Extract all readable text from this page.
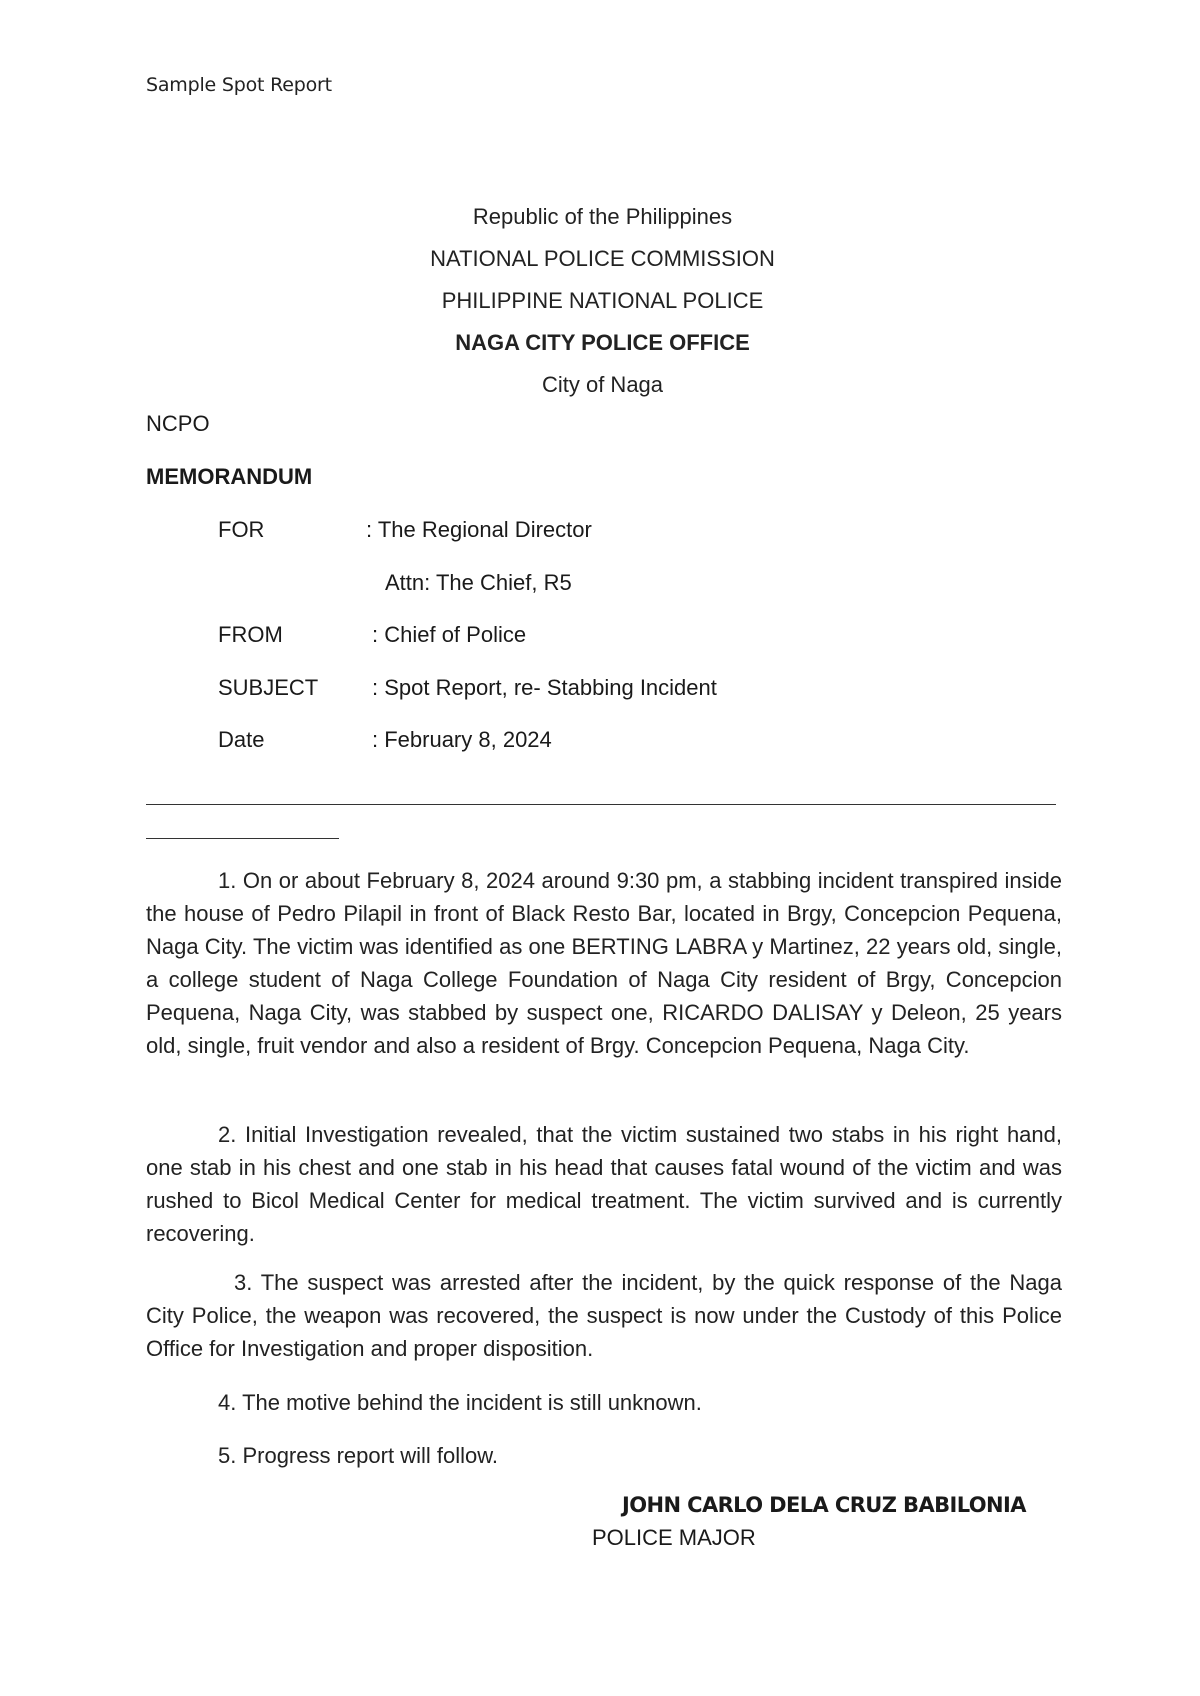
Sample Spot Report
Republic of the Philippines
NATIONAL POLICE COMMISSION
PHILIPPINE NATIONAL POLICE
NAGA CITY POLICE OFFICE
City of Naga
NCPO
MEMORANDUM
FOR	: The Regional Director
Attn: The Chief, R5
FROM	: Chief of Police
SUBJECT : Spot Report, re- Stabbing Incident
Date	: February 8, 2024
1. On or about February 8, 2024 around 9:30 pm, a stabbing incident transpired inside the house of Pedro Pilapil in front of Black Resto Bar, located in Brgy, Concepcion Pequena, Naga City. The victim was identified as one BERTING LABRA y Martinez, 22 years old, single, a college student of Naga College Foundation of Naga City resident of Brgy, Concepcion Pequena, Naga City, was stabbed by suspect one, RICARDO DALISAY y Deleon, 25 years old, single, fruit vendor and also a resident of Brgy. Concepcion Pequena, Naga City.
2. Initial Investigation revealed, that the victim sustained two stabs in his right hand, one stab in his chest and one stab in his head that causes fatal wound of the victim and was rushed to Bicol Medical Center for medical treatment. The victim survived and is currently recovering.
3. The suspect was arrested after the incident, by the quick response of the Naga City Police, the weapon was recovered, the suspect is now under the Custody of this Police Office for Investigation and proper disposition.
4. The motive behind the incident is still unknown.
5. Progress report will follow.
JOHN CARLO DELA CRUZ BABILONIA
POLICE MAJOR
